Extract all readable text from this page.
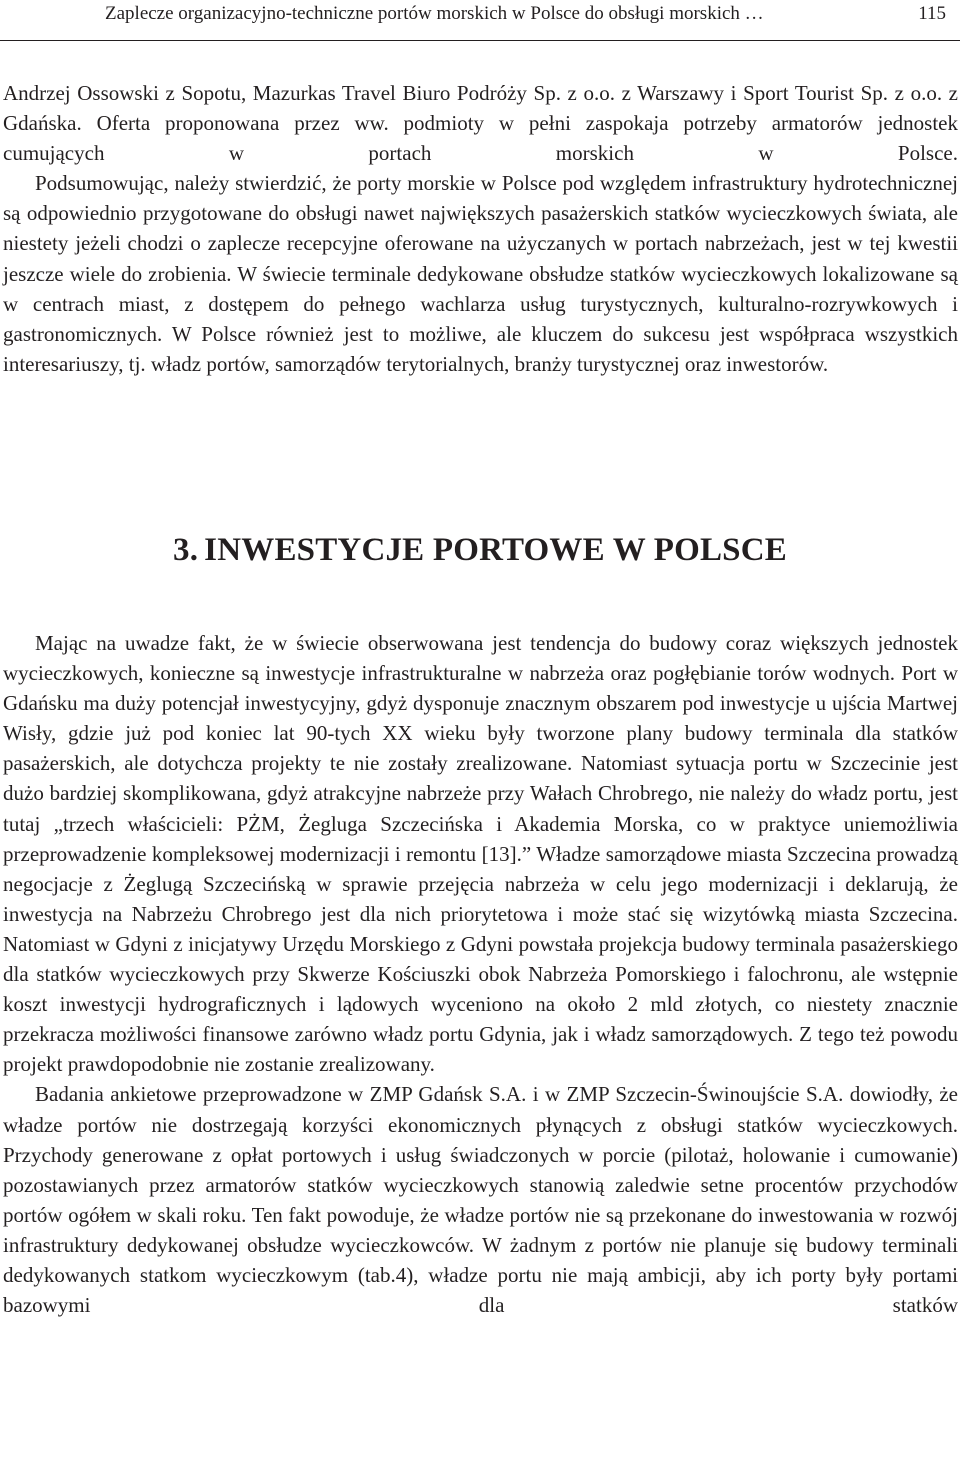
Zaplecze organizacyjno-techniczne portów morskich w Polsce do obsługi morskich …	115

Andrzej Ossowski z Sopotu, Mazurkas Travel Biuro Podróży Sp. z o.o. z Warszawy i Sport Tourist Sp. z o.o. z Gdańska. Oferta proponowana przez ww. podmioty w pełni zaspokaja potrzeby armatorów jednostek cumujących w portach morskich w Polsce.

Podsumowując, należy stwierdzić, że porty morskie w Polsce pod względem infrastruktury hydrotechnicznej są odpowiednio przygotowane do obsługi nawet największych pasażerskich statków wycieczkowych świata, ale niestety jeżeli chodzi o zaplecze recepcyjne oferowane na użyczanych w portach nabrzeżach, jest w tej kwestii jeszcze wiele do zrobienia. W świecie terminale dedykowane obsłudze statków wycieczkowych lokalizowane są w centrach miast, z dostępem do pełnego wachlarza usług turystycznych, kulturalno-rozrywkowych i gastronomicznych. W Polsce również jest to możliwe, ale kluczem do sukcesu jest współpraca wszystkich interesariuszy, tj. władz portów, samorządów terytorialnych, branży turystycznej oraz inwestorów.

3. INWESTYCJE PORTOWE W POLSCE

Mając na uwadze fakt, że w świecie obserwowana jest tendencja do budowy coraz większych jednostek wycieczkowych, konieczne są inwestycje infrastrukturalne w nabrzeża oraz pogłębianie torów wodnych. Port w Gdańsku ma duży potencjał inwestycyjny, gdyż dysponuje znacznym obszarem pod inwestycje u ujścia Martwej Wisły, gdzie już pod koniec lat 90-tych XX wieku były tworzone plany budowy terminala dla statków pasażerskich, ale dotychcza projekty te nie zostały zrealizowane. Natomiast sytuacja portu w Szczecinie jest dużo bardziej skomplikowana, gdyż atrakcyjne nabrzeże przy Wałach Chrobrego, nie należy do władz portu, jest tutaj „trzech właścicieli: PŻM, Żegluga Szczecińska i Akademia Morska, co w praktyce uniemożliwia przeprowadzenie kompleksowej modernizacji i remontu [13].” Władze samorządowe miasta Szczecina prowadzą negocjacje z Żeglugą Szczecińską w sprawie przejęcia nabrzeża w celu jego modernizacji i deklarują, że inwestycja na Nabrzeżu Chrobrego jest dla nich priorytetowa i może stać się wizytówką miasta Szczecina. Natomiast w Gdyni z inicjatywy Urzędu Morskiego z Gdyni powstała projekcja budowy terminala pasażerskiego dla statków wycieczkowych przy Skwerze Kościuszki obok Nabrzeża Pomorskiego i falochronu, ale wstępnie koszt inwestycji hydrograficznych i lądowych wyceniono na około 2 mld złotych, co niestety znacznie przekracza możliwości finansowe zarówno władz portu Gdynia, jak i władz samorządowych. Z tego też powodu projekt prawdopodobnie nie zostanie zrealizowany.

Badania ankietowe przeprowadzone w ZMP Gdańsk S.A. i w ZMP Szczecin-Świnoujście S.A. dowiodły, że władze portów nie dostrzegają korzyści ekonomicznych płynących z obsługi statków wycieczkowych. Przychody generowane z opłat portowych i usług świadczonych w porcie (pilotaż, holowanie i cumowanie) pozostawianych przez armatorów statków wycieczkowych stanowią zaledwie setne procentów przychodów portów ogółem w skali roku. Ten fakt powoduje, że władze portów nie są przekonane do inwestowania w rozwój infrastruktury dedykowanej obsłudze wycieczkowców. W żadnym z portów nie planuje się budowy terminali dedykowanych statkom wycieczkowym (tab.4), władze portu nie mają ambicji, aby ich porty były portami bazowymi dla statków
